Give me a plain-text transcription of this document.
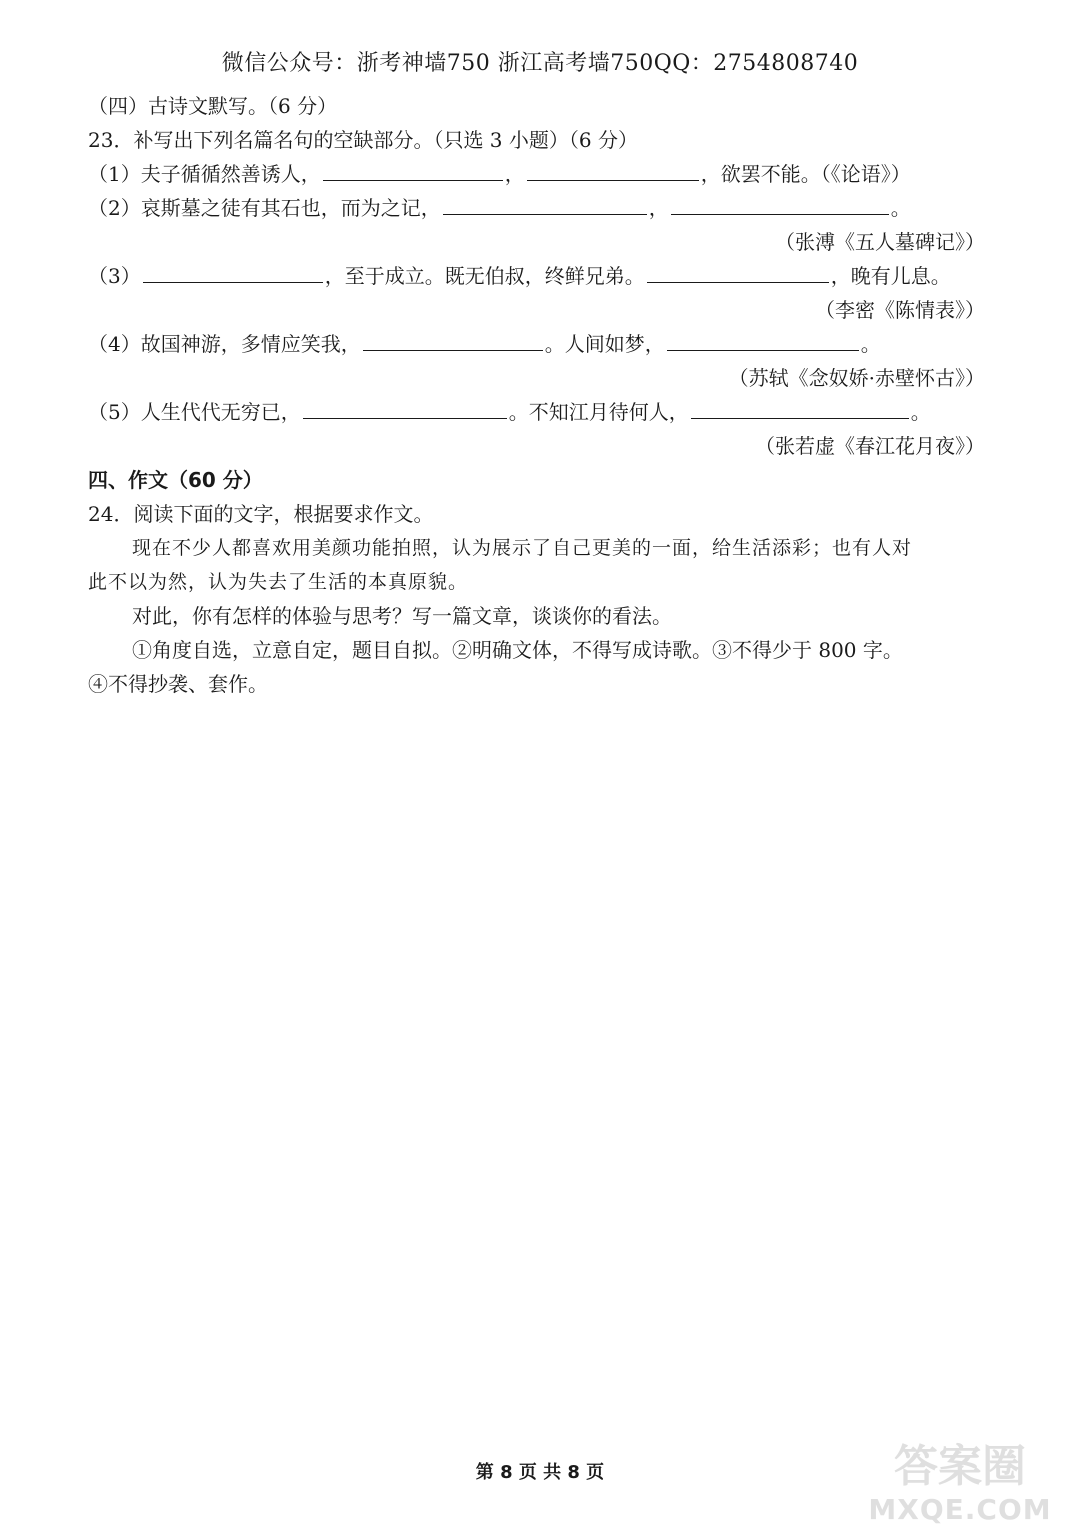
微信公众号：浙考神墙750 浙江高考墙750QQ：2754808740
（四）古诗文默写。（6 分）
23．补写出下列名篇名句的空缺部分。（只选 3 小题）（6 分）
（1）夫子循循然善诱人，	，	，欲罢不能。（《论语》）
（2）哀斯墓之徒有其石也，而为之记，	，	。
（张溥《五人墓碑记》）
（3）	，至于成立。既无伯叔，终鲜兄弟。	，晚有儿息。
（李密《陈情表》）
（4）故国神游，多情应笑我，	。人间如梦，	。
（苏轼《念奴娇·赤壁怀古》）
（5）人生代代无穷已，	。不知江月待何人，	。
（张若虚《春江花月夜》）
四、作文（60 分）
24．阅读下面的文字，根据要求作文。
现在不少人都喜欢用美颜功能拍照，认为展示了自己更美的一面，给生活添彩；也有人对
此不以为然，认为失去了生活的本真原貌。
对此，你有怎样的体验与思考？写一篇文章，谈谈你的看法。
①角度自选，立意自定，题目自拟。②明确文体，不得写成诗歌。③不得少于 800 字。
④不得抄袭、套作。
第 8 页 共 8 页	答案圈
MXQE.COM
